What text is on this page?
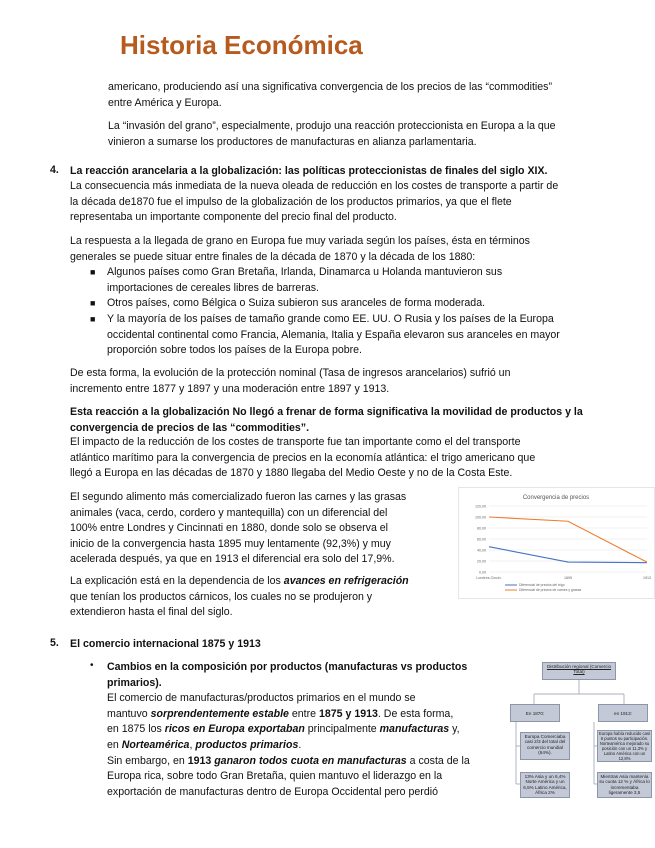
Historia Económica
americano, produciendo así una significativa convergencia de los precios de las “commodities”
entre América y Europa.
La “invasión del grano”, especialmente, produjo una reacción proteccionista en Europa a la que
vinieron a sumarse los productores de manufacturas en alianza parlamentaria.
4. La reacción arancelaria a la globalización: las políticas proteccionistas de finales del siglo XIX.
La consecuencia más inmediata de la nueva oleada de reducción en los costes de transporte a partir de
la década de1870 fue el impulso de la globalización de los productos primarios, ya que el flete
representaba un importante componente del precio final del producto.
La respuesta a la llegada de grano en Europa fue muy variada según los países, ésta en términos
generales se puede situar entre finales de la década de 1870 y la década de los 1880:
■ Algunos países como Gran Bretaña, Irlanda, Dinamarca u Holanda mantuvieron sus
importaciones de cereales libres de barreras.
■ Otros países, como Bélgica o Suiza subieron sus aranceles de forma moderada.
■ Y la mayoría de los países de tamaño grande como EE. UU. O Rusia y los países de la Europa
occidental continental como Francia, Alemania, Italia y España elevaron sus aranceles en mayor
proporción sobre todos los países de la Europa pobre.
De esta forma, la evolución de la protección nominal (Tasa de ingresos arancelarios) sufrió un
incremento entre 1877 y 1897 y una moderación entre 1897 y 1913.
Esta reacción a la globalización No llegó a frenar de forma significativa la movilidad de productos y la
convergencia de precios de las “commodities”.
El impacto de la reducción de los costes de transporte fue tan importante como el del transporte
atlántico marítimo para la convergencia de precios en la economía atlántica: el trigo americano que
llegó a Europa en las décadas de 1870 y 1880 llegaba del Medio Oeste y no de la Costa Este.
El segundo alimento más comercializado fueron las carnes y las grasas
animales (vaca, cerdo, cordero y mantequilla) con un diferencial del
100% entre Londres y Cincinnati en 1880, donde solo se observa el
inicio de la convergencia hasta 1895 muy lentamente (92,3%) y muy
acelerada después, ya que en 1913 el diferencial era solo del 17,9%.
La explicación está en la dependencia de los avances en refrigeración
que tenían los productos cárnicos, los cuales no se produjeron y
extendieron hasta el final del siglo.
Convergencia de precios
0,00
20,00
40,00
60,00
80,00
100,00
120,00
Londres-Cincin.	1895	1913
Diferencial de precios del trigo
Diferencial de precios de carnes y grasas
5. El comercio internacional 1875 y 1913
• Cambios en la composición por productos (manufacturas vs productos
primarios).
El comercio de manufacturas/productos primarios en el mundo se
mantuvo sorprendentemente estable entre 1875 y 1913. De esta forma,
en 1875 los ricos en Europa exportaban principalmente manufacturas y,
en Norteamérica, productos primarios.
Sin embargo, en 1913 ganaron todos cuota en manufacturas a costa de la
Europa rica, sobre todo Gran Bretaña, quien mantuvo el liderazgo en la
exportación de manufacturas dentro de Europa Occidental pero perdió
Distribución regional (Comercio Total)
En 1870:	en 1913:
Europa Comerciaba casi 2/3 del total del comercio mundial (64%).
13% Asia y un 6,4% Norte América y un 6,5% Latino América, África 2%
Europa había reducido casi 6 puntos su participación. Norteamérica mejorado su posición con un 11,3% y Latino América con un 12,8%
Mientras Asia mantenía su cuota 12 % y África lo incrementaba ligeramente 3,5
